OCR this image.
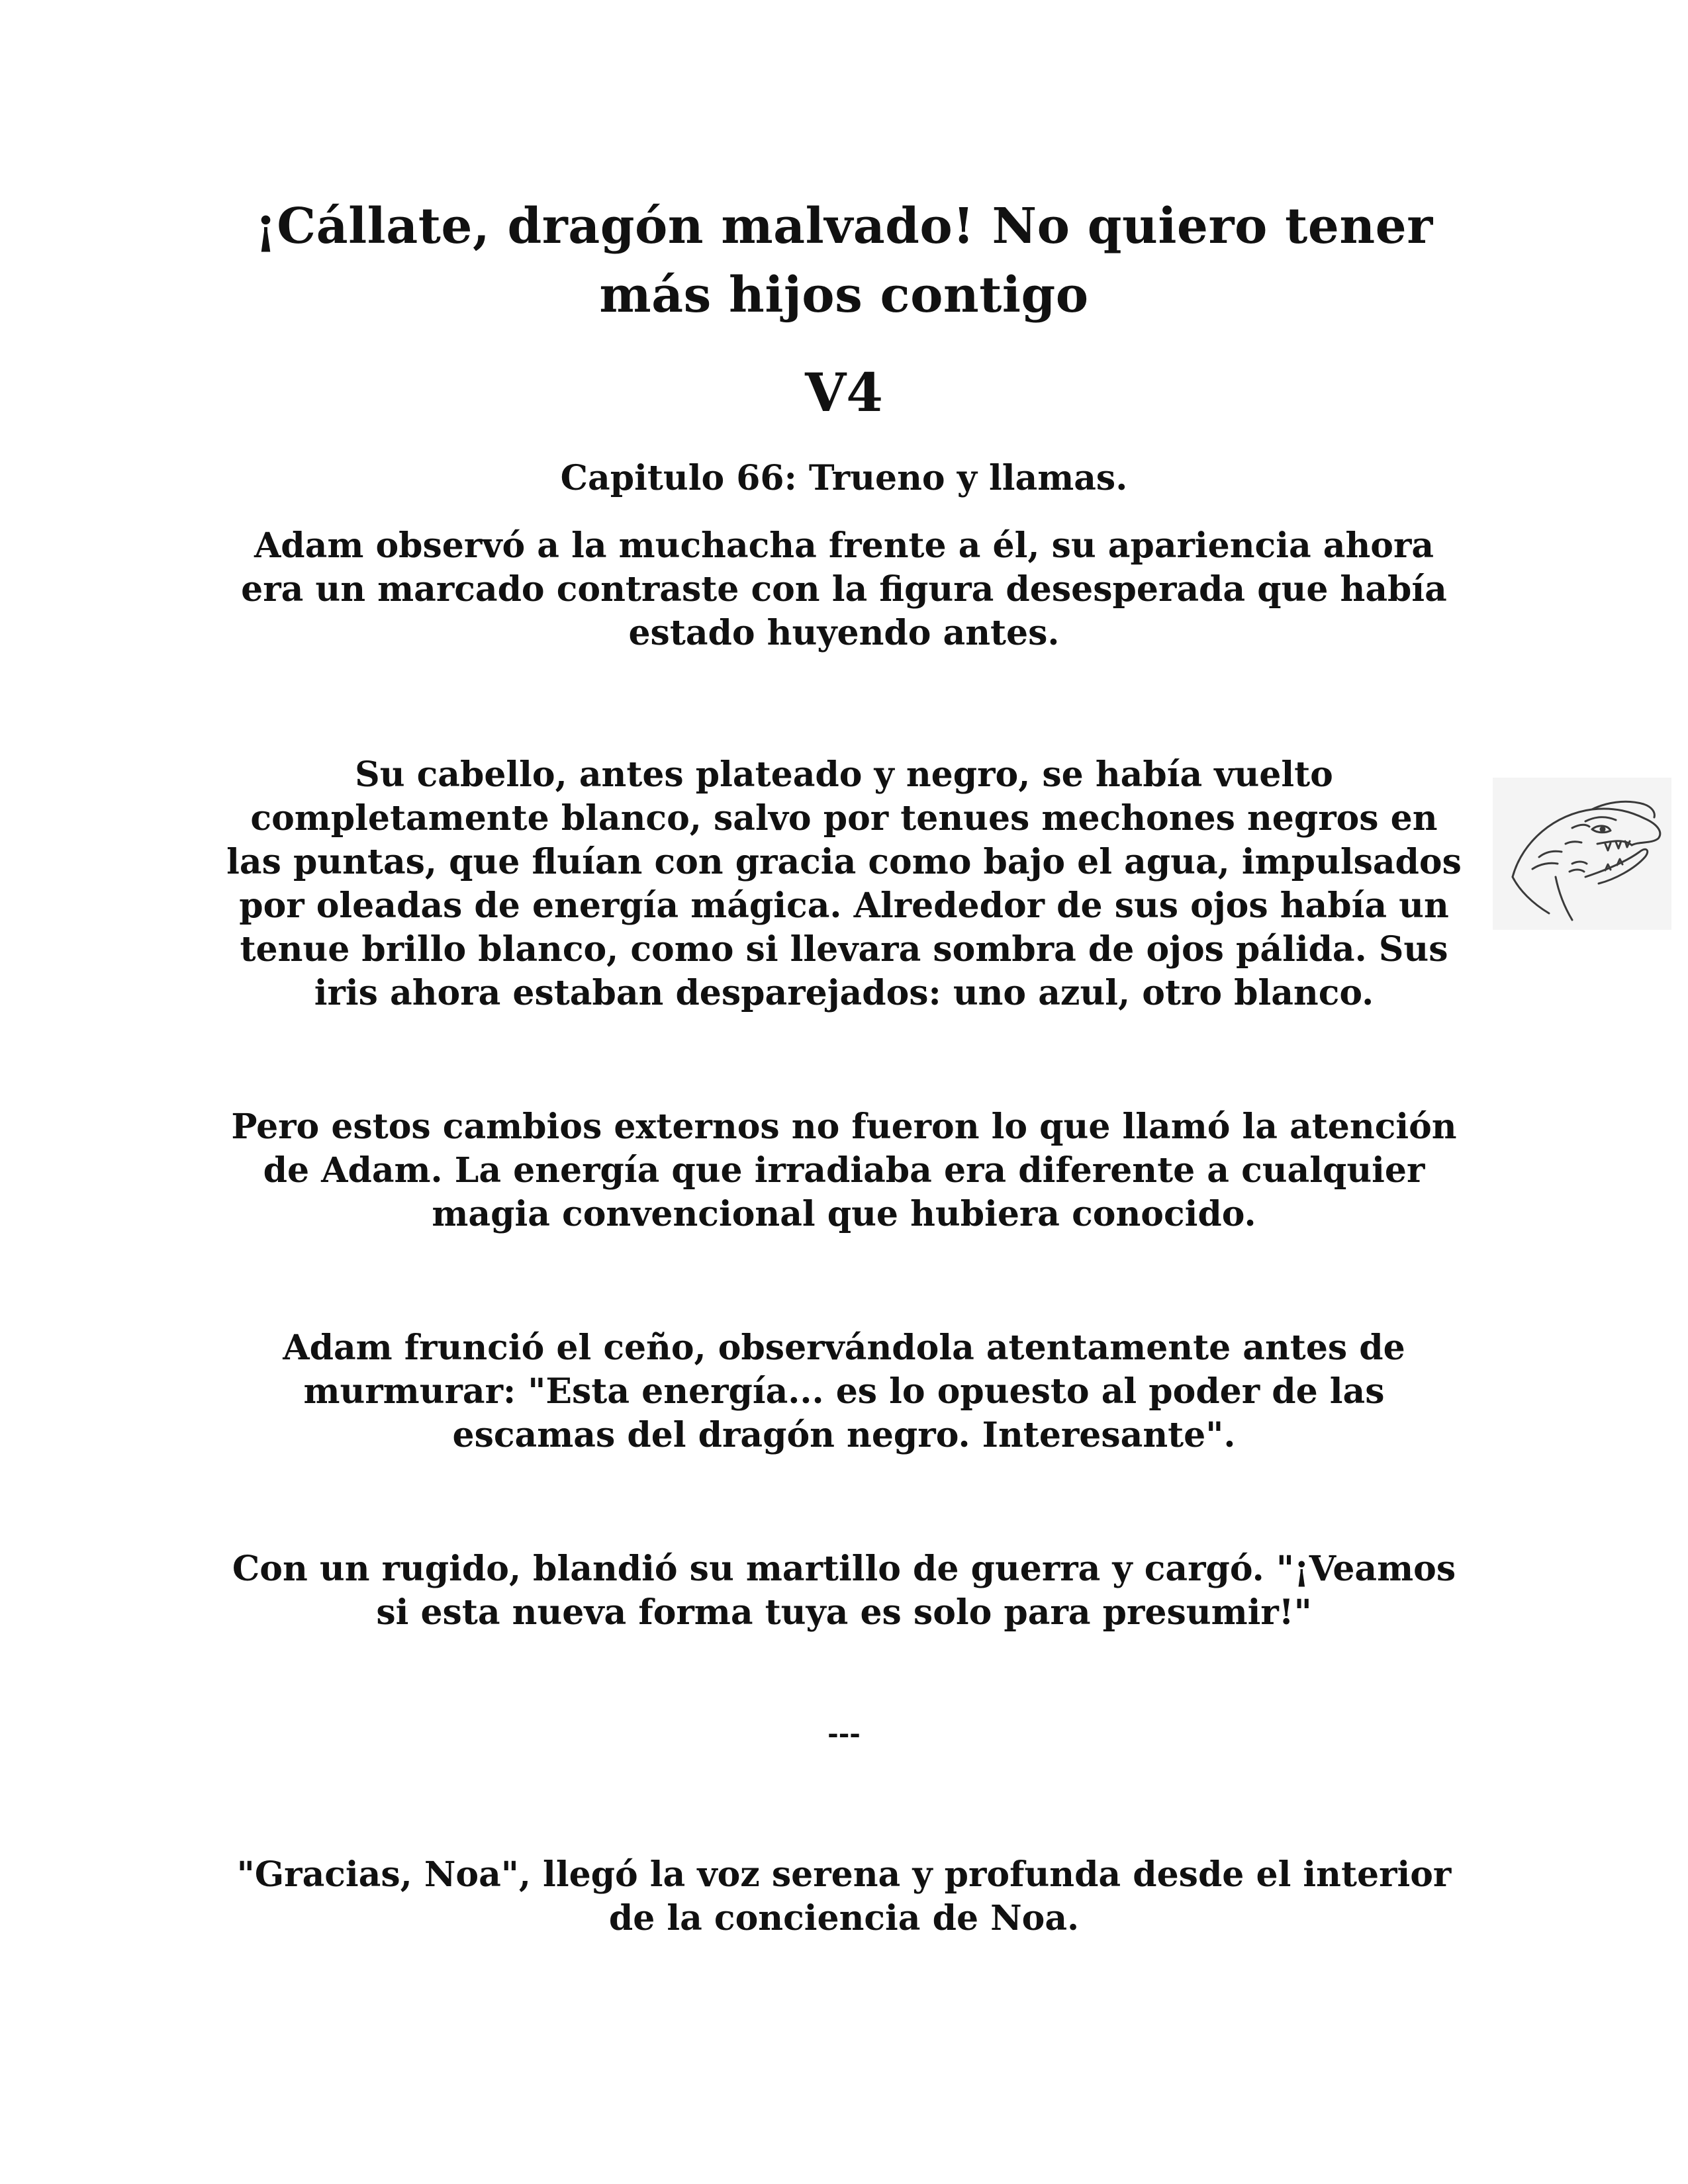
¡Cállate, dragón malvado! No quiero tener
más hijos contigo
V4
Capitulo 66: Trueno y llamas.

Adam observó a la muchacha frente a él, su apariencia ahora era un marcado contraste con la figura desesperada que había estado huyendo antes.

Su cabello, antes plateado y negro, se había vuelto completamente blanco, salvo por tenues mechones negros en las puntas, que fluían con gracia como bajo el agua, impulsados por oleadas de energía mágica. Alrededor de sus ojos había un tenue brillo blanco, como si llevara sombra de ojos pálida. Sus iris ahora estaban desparejados: uno azul, otro blanco.

Pero estos cambios externos no fueron lo que llamó la atención de Adam. La energía que irradiaba era diferente a cualquier magia convencional que hubiera conocido.

Adam frunció el ceño, observándola atentamente antes de murmurar: "Esta energía... es lo opuesto al poder de las escamas del dragón negro. Interesante".

Con un rugido, blandió su martillo de guerra y cargó. "¡Veamos si esta nueva forma tuya es solo para presumir!"

---

"Gracias, Noa", llegó la voz serena y profunda desde el interior de la conciencia de Noa.
